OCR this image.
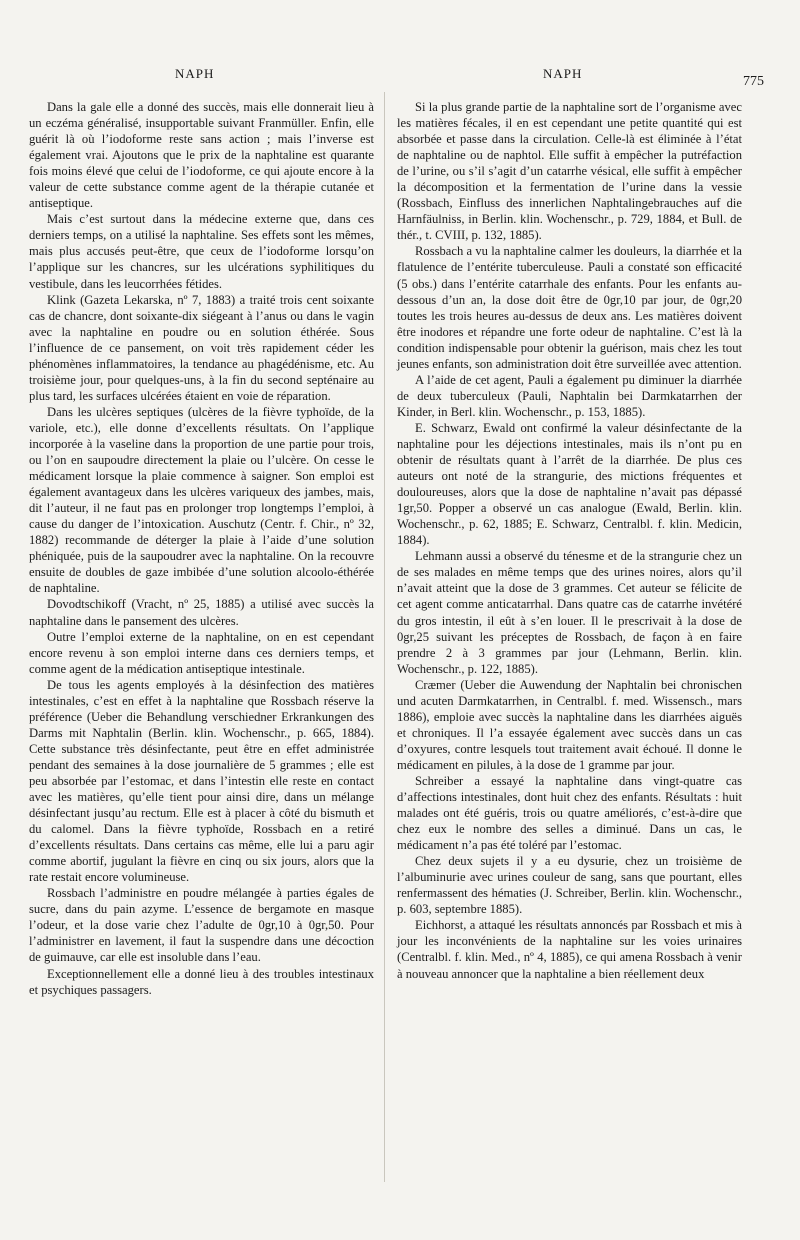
NAPH	NAPH
775

Dans la gale elle a donné des succès, mais elle donnerait lieu à un eczéma généralisé, insupportable suivant Franmüller. Enfin, elle guérit là où l’iodoforme reste sans action ; mais l’inverse est également vrai. Ajoutons que le prix de la naphtaline est quarante fois moins élevé que celui de l’iodoforme, ce qui ajoute encore à la valeur de cette substance comme agent de la thérapie cutanée et antiseptique.

Mais c’est surtout dans la médecine externe que, dans ces derniers temps, on a utilisé la naphtaline. Ses effets sont les mêmes, mais plus accusés peut-être, que ceux de l’iodoforme lorsqu’on l’applique sur les chancres, sur les ulcérations syphilitiques du vestibule, dans les leucorrhées fétides.

Klink (Gazeta Lekarska, nº 7, 1883) a traité trois cent soixante cas de chancre, dont soixante-dix siégeant à l’anus ou dans le vagin avec la naphtaline en poudre ou en solution éthérée. Sous l’influence de ce pansement, on voit très rapidement céder les phénomènes inflammatoires, la tendance au phagédénisme, etc. Au troisième jour, pour quelques-uns, à la fin du second septénaire au plus tard, les surfaces ulcérées étaient en voie de réparation.

Dans les ulcères septiques (ulcères de la fièvre typhoïde, de la variole, etc.), elle donne d’excellents résultats. On l’applique incorporée à la vaseline dans la proportion de une partie pour trois, ou l’on en saupoudre directement la plaie ou l’ulcère. On cesse le médicament lorsque la plaie commence à saigner. Son emploi est également avantageux dans les ulcères variqueux des jambes, mais, dit l’auteur, il ne faut pas en prolonger trop longtemps l’emploi, à cause du danger de l’intoxication. Auschutz (Centr. f. Chir., nº 32, 1882) recommande de déterger la plaie à l’aide d’une solution phéniquée, puis de la saupoudrer avec la naphtaline. On la recouvre ensuite de doubles de gaze imbibée d’une solution alcoolo-éthérée de naphtaline.

Dovodtschikoff (Vracht, nº 25, 1885) a utilisé avec succès la naphtaline dans le pansement des ulcères.

Outre l’emploi externe de la naphtaline, on en est cependant encore revenu à son emploi interne dans ces derniers temps, et comme agent de la médication antiseptique intestinale.

De tous les agents employés à la désinfection des matières intestinales, c’est en effet à la naphtaline que Rossbach réserve la préférence (Ueber die Behandlung verschiedner Erkrankungen des Darms mit Naphtalin (Berlin. klin. Wochenschr., p. 665, 1884). Cette substance très désinfectante, peut être en effet administrée pendant des semaines à la dose journalière de 5 grammes ; elle est peu absorbée par l’estomac, et dans l’intestin elle reste en contact avec les matières, qu’elle tient pour ainsi dire, dans un mélange désinfectant jusqu’au rectum. Elle est à placer à côté du bismuth et du calomel. Dans la fièvre typhoïde, Rossbach en a retiré d’excellents résultats. Dans certains cas même, elle lui a paru agir comme abortif, jugulant la fièvre en cinq ou six jours, alors que la rate restait encore volumineuse.

Rossbach l’administre en poudre mélangée à parties égales de sucre, dans du pain azyme. L’essence de bergamote en masque l’odeur, et la dose varie chez l’adulte de 0gr,10 à 0gr,50. Pour l’administrer en lavement, il faut la suspendre dans une décoction de guimauve, car elle est insoluble dans l’eau.

Exceptionnellement elle a donné lieu à des troubles intestinaux et psychiques passagers.

Si la plus grande partie de la naphtaline sort de l’organisme avec les matières fécales, il en est cependant une petite quantité qui est absorbée et passe dans la circulation. Celle-là est éliminée à l’état de naphtaline ou de naphtol. Elle suffit à empêcher la putréfaction de l’urine, ou s’il s’agit d’un catarrhe vésical, elle suffit à empêcher la décomposition et la fermentation de l’urine dans la vessie (Rossbach, Einfluss des innerlichen Naphtalingebrauches auf die Harnfäulniss, in Berlin. klin. Wochenschr., p. 729, 1884, et Bull. de thér., t. CVIII, p. 132, 1885).

Rossbach a vu la naphtaline calmer les douleurs, la diarrhée et la flatulence de l’entérite tuberculeuse. Pauli a constaté son efficacité (5 obs.) dans l’entérite catarrhale des enfants. Pour les enfants au-dessous d’un an, la dose doit être de 0gr,10 par jour, de 0gr,20 toutes les trois heures au-dessus de deux ans. Les matières doivent être inodores et répandre une forte odeur de naphtaline. C’est là la condition indispensable pour obtenir la guérison, mais chez les tout jeunes enfants, son administration doit être surveillée avec attention.

A l’aide de cet agent, Pauli a également pu diminuer la diarrhée de deux tuberculeux (Pauli, Naphtalin bei Darmkatarrhen der Kinder, in Berl. klin. Wochenschr., p. 153, 1885).

E. Schwarz, Ewald ont confirmé la valeur désinfectante de la naphtaline pour les déjections intestinales, mais ils n’ont pu en obtenir de résultats quant à l’arrêt de la diarrhée. De plus ces auteurs ont noté de la strangurie, des mictions fréquentes et douloureuses, alors que la dose de naphtaline n’avait pas dépassé 1gr,50. Popper a observé un cas analogue (Ewald, Berlin. klin. Wochenschr., p. 62, 1885; E. Schwarz, Centralbl. f. klin. Medicin, 1884).

Lehmann aussi a observé du ténesme et de la strangurie chez un de ses malades en même temps que des urines noires, alors qu’il n’avait atteint que la dose de 3 grammes. Cet auteur se félicite de cet agent comme anticatarrhal. Dans quatre cas de catarrhe invétéré du gros intestin, il eût à s’en louer. Il le prescrivait à la dose de 0gr,25 suivant les préceptes de Rossbach, de façon à en faire prendre 2 à 3 grammes par jour (Lehmann, Berlin. klin. Wochenschr., p. 122, 1885).

Cræmer (Ueber die Auwendung der Naphtalin bei chronischen und acuten Darmkatarrhen, in Centralbl. f. med. Wissensch., mars 1886), emploie avec succès la naphtaline dans les diarrhées aiguës et chroniques. Il l’a essayée également avec succès dans un cas d’oxyures, contre lesquels tout traitement avait échoué. Il donne le médicament en pilules, à la dose de 1 gramme par jour.

Schreiber a essayé la naphtaline dans vingt-quatre cas d’affections intestinales, dont huit chez des enfants. Résultats : huit malades ont été guéris, trois ou quatre améliorés, c’est-à-dire que chez eux le nombre des selles a diminué. Dans un cas, le médicament n’a pas été toléré par l’estomac.

Chez deux sujets il y a eu dysurie, chez un troisième de l’albuminurie avec urines couleur de sang, sans que pourtant, elles renfermassent des hématies (J. Schreiber, Berlin. klin. Wochenschr., p. 603, septembre 1885).

Eichhorst, a attaqué les résultats annoncés par Rossbach et mis à jour les inconvénients de la naphtaline sur les voies urinaires (Centralbl. f. klin. Med., nº 4, 1885), ce qui amena Rossbach à venir à nouveau annoncer que la naphtaline a bien réellement deux
